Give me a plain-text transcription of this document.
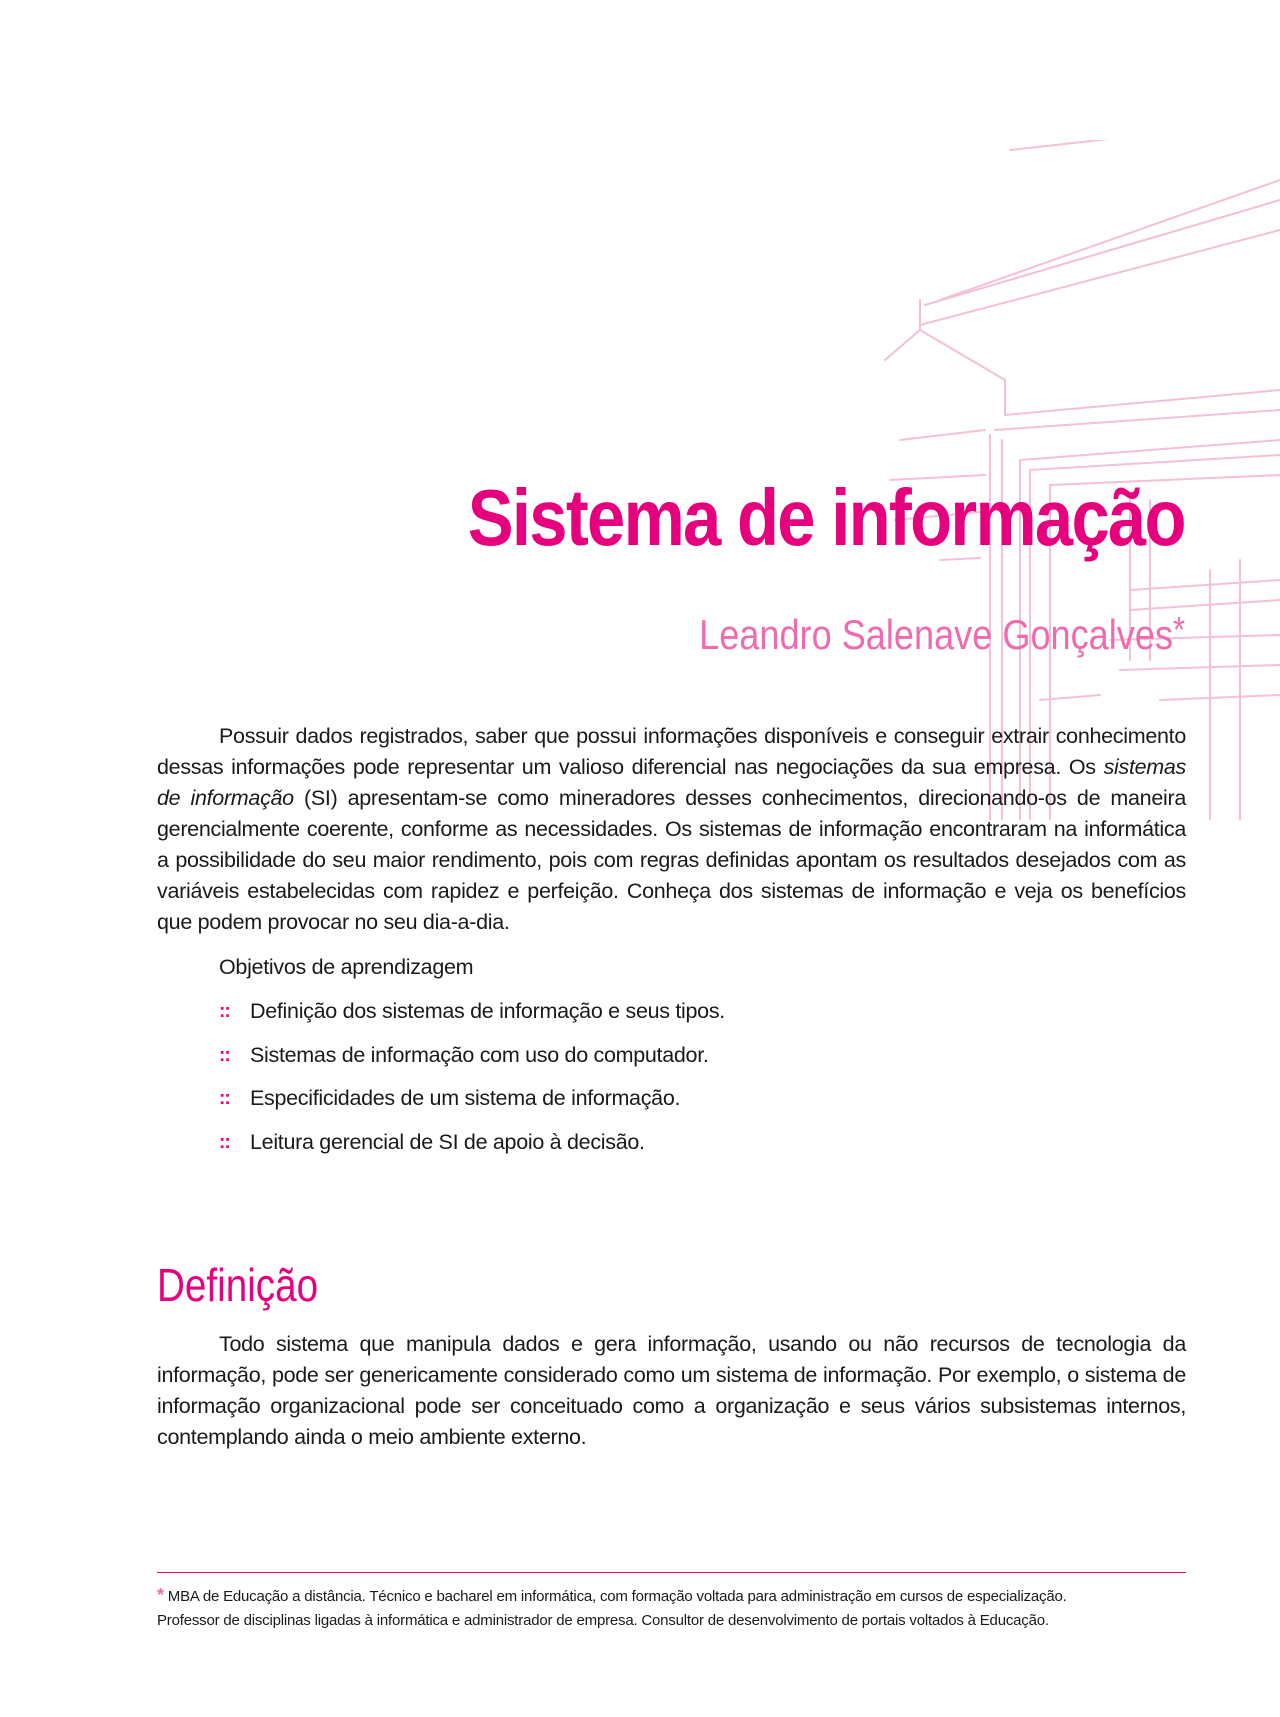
Sistema de informação
Leandro Salenave Gonçalves*

Possuir dados registrados, saber que possui informações disponíveis e conseguir extrair conhecimento dessas informações pode representar um valioso diferencial nas negociações da sua empresa. Os sistemas de informação (SI) apresentam-se como mineradores desses conhecimentos, direcionando-os de maneira gerencialmente coerente, conforme as necessidades. Os sistemas de informação encontraram na informática a possibilidade do seu maior rendimento, pois com regras definidas apontam os resultados desejados com as variáveis estabelecidas com rapidez e perfeição. Conheça dos sistemas de informação e veja os benefícios que podem provocar no seu dia-a-dia.

Objetivos de aprendizagem
:: Definição dos sistemas de informação e seus tipos.
:: Sistemas de informação com uso do computador.
:: Especificidades de um sistema de informação.
:: Leitura gerencial de SI de apoio à decisão.
Definição

Todo sistema que manipula dados e gera informação, usando ou não recursos de tecnologia da informação, pode ser genericamente considerado como um sistema de informação. Por exemplo, o sistema de informação organizacional pode ser conceituado como a organização e seus vários subsistemas internos, contemplando ainda o meio ambiente externo.

* MBA de Educação a distância. Técnico e bacharel em informática, com formação voltada para administração em cursos de especialização.
Professor de disciplinas ligadas à informática e administrador de empresa. Consultor de desenvolvimento de portais voltados à Educação.
